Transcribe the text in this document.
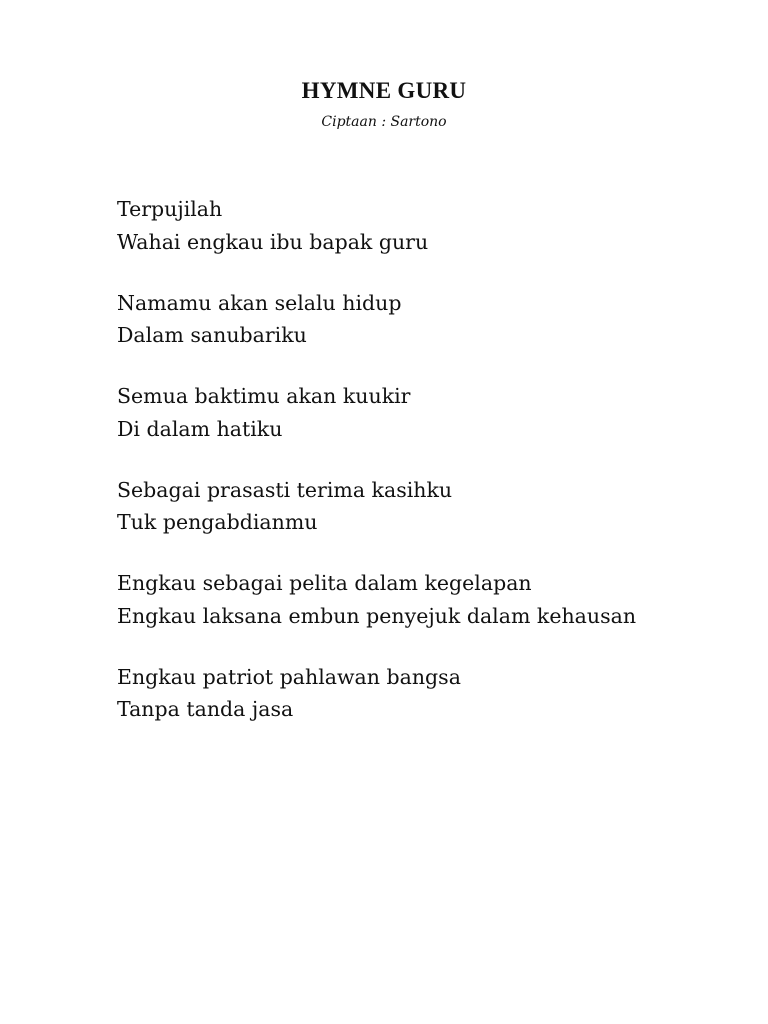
HYMNE GURU
Ciptaan : Sartono
Terpujilah
Wahai engkau ibu bapak guru
Namamu akan selalu hidup
Dalam sanubariku
Semua baktimu akan kuukir
Di dalam hatiku
Sebagai prasasti terima kasihku
Tuk pengabdianmu
Engkau sebagai pelita dalam kegelapan
Engkau laksana embun penyejuk dalam kehausan
Engkau patriot pahlawan bangsa
Tanpa tanda jasa
